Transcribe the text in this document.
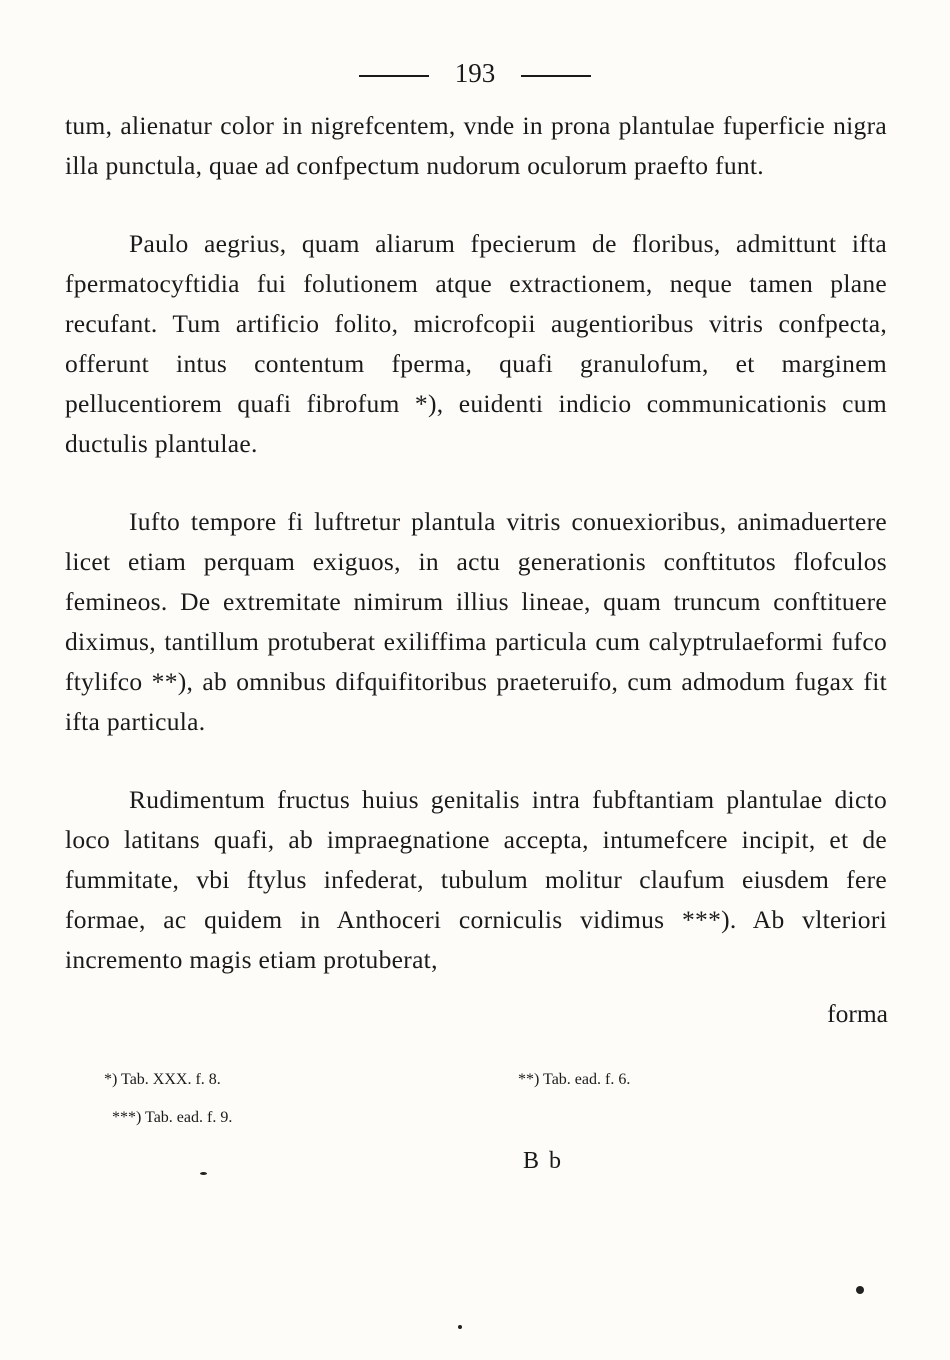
193

tum, alienatur color in nigrefcentem, vnde in prona plantulae fuperficie nigra illa punctula, quae ad confpectum nudorum oculorum praefto funt.

Paulo aegrius, quam aliarum fpecierum de floribus, admittunt ifta fpermatocyftidia fui folutionem atque extractionem, neque tamen plane recufant. Tum artificio folito, microfcopii augentioribus vitris confpecta, offerunt intus contentum fperma, quafi granulofum, et marginem pellucentiorem quafi fibrofum *), euidenti indicio communicationis cum ductulis plantulae.

Iufto tempore fi luftretur plantula vitris conuexioribus, animaduertere licet etiam perquam exiguos, in actu generationis conftitutos flofculos femineos. De extremitate nimirum illius lineae, quam truncum conftituere diximus, tantillum protuberat exiliffima particula cum calyptrulaeformi fufco ftylifco **), ab omnibus difquifitoribus praeteruifo, cum admodum fugax fit ifta particula.

Rudimentum fructus huius genitalis intra fubftantiam plantulae dicto loco latitans quafi, ab impraegnatione accepta, intumefcere incipit, et de fummitate, vbi ftylus infederat, tubulum molitur claufum eiusdem fere formae, ac quidem in Anthoceri corniculis vidimus ***). Ab vlteriori incremento magis etiam protuberat,

forma
*) Tab. XXX. f. 8.	**) Tab. ead. f. 6.
***) Tab. ead. f. 9.
B b
